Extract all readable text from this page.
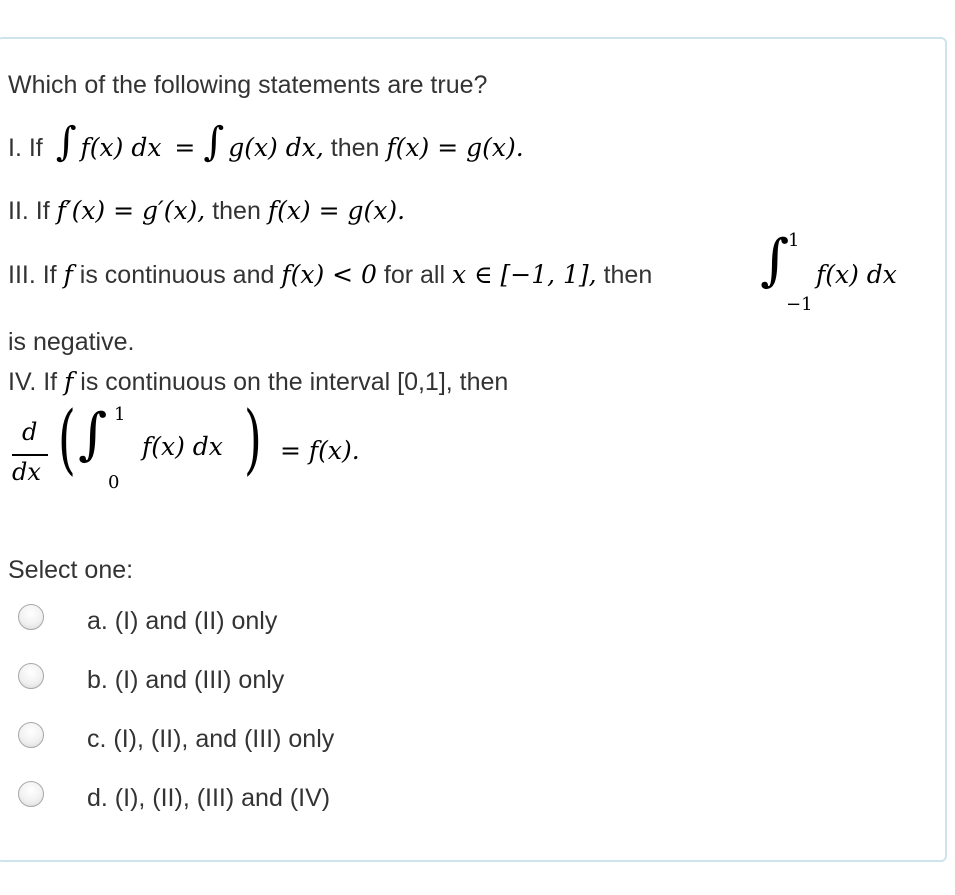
Which of the following statements are true?
I. If ∫ f(x) dx = ∫ g(x) dx, then f(x) = g(x).
II. If f′(x) = g′(x), then f(x) = g(x).
III. If f is continuous and f(x) < 0 for all x ∈ [−1, 1], then ∫
1
−1
f(x) dx
is negative.
IV. If f is continuous on the interval [0,1], then
d
dx ( ∫ 1
0
f(x) dx ) = f(x).
Select one:
a. (I) and (II) only
b. (I) and (III) only
c. (I), (II), and (III) only
d. (I), (II), (III) and (IV)
